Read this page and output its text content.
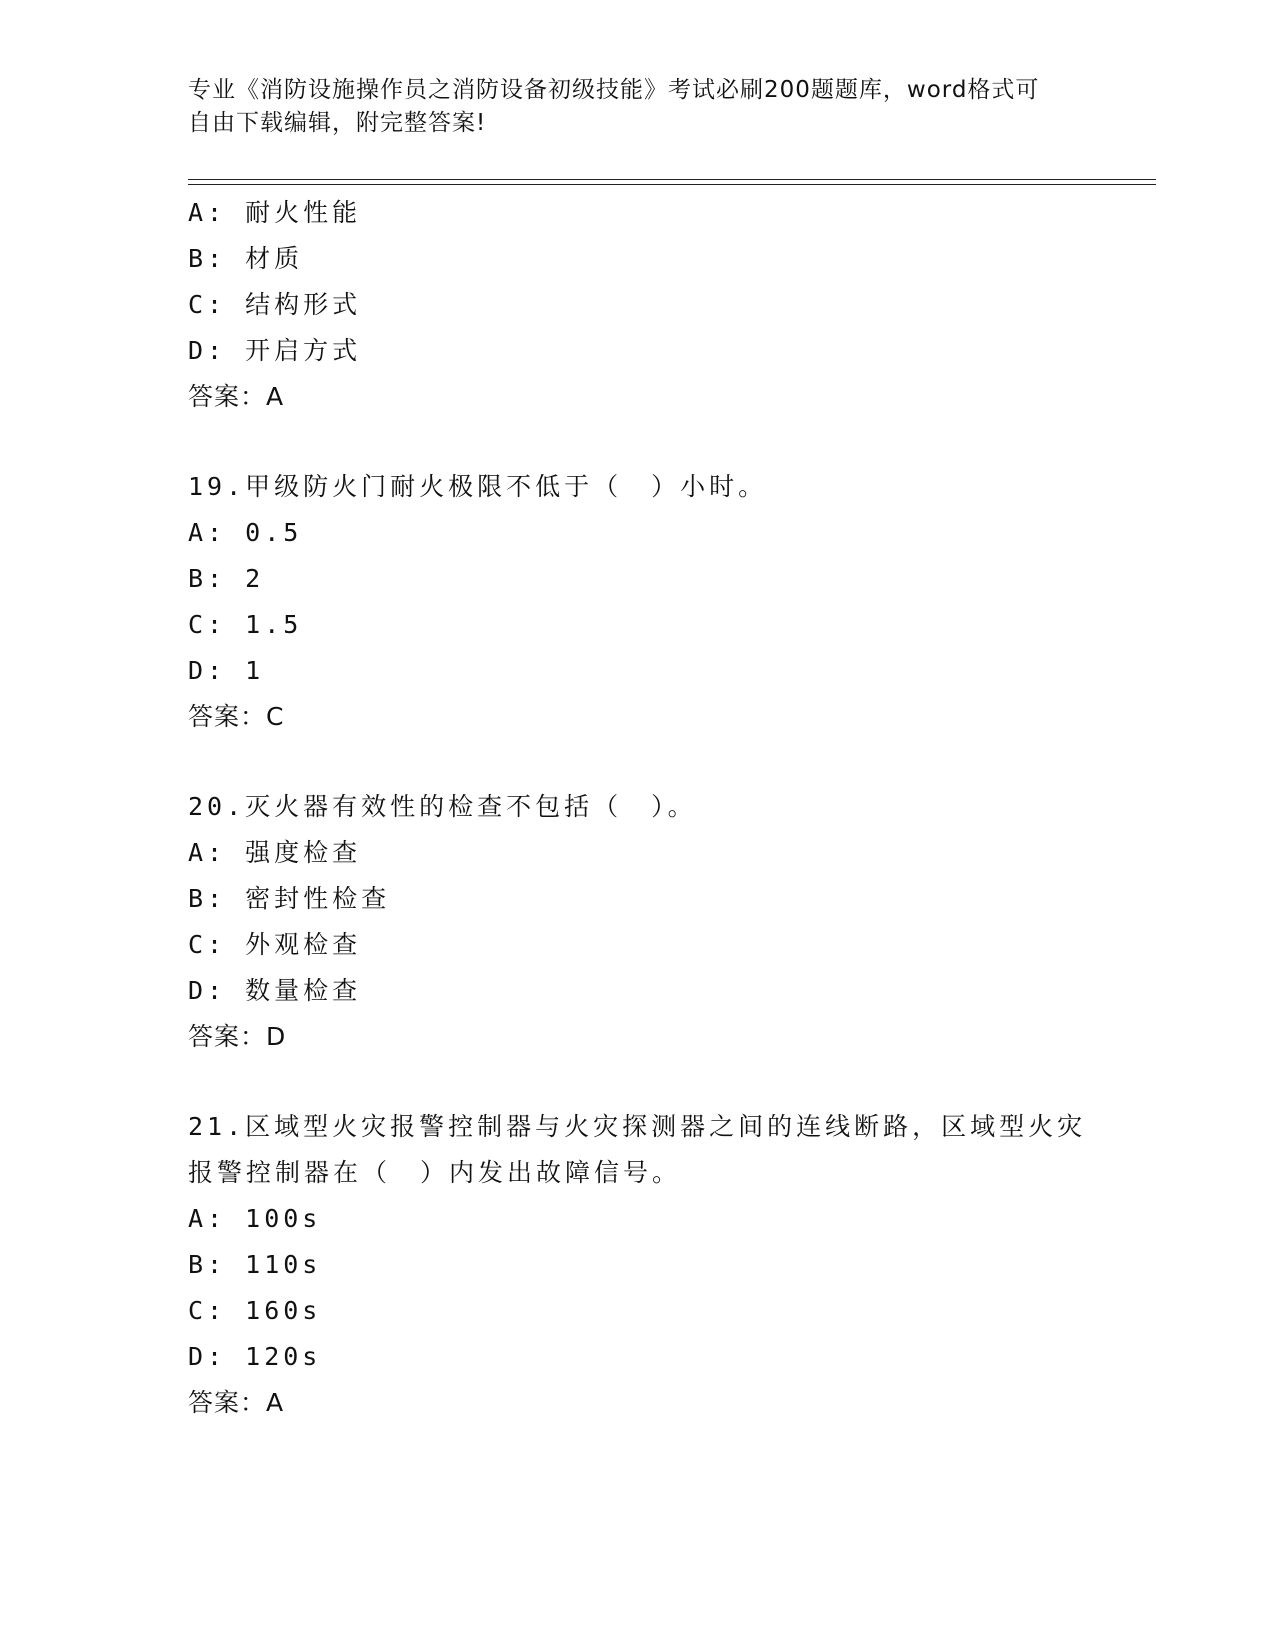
专业《消防设施操作员之消防设备初级技能》考试必刷200题题库，word格式可
自由下载编辑，附完整答案!
A: 耐火性能
B: 材质
C: 结构形式
D: 开启方式
答案：A
19.甲级防火门耐火极限不低于（　）小时。
A: 0.5
B: 2
C: 1.5
D: 1
答案：C
20.灭火器有效性的检查不包括（　）。
A: 强度检查
B: 密封性检查
C: 外观检查
D: 数量检查
答案：D
21.区域型火灾报警控制器与火灾探测器之间的连线断路，区域型火灾
报警控制器在（　）内发出故障信号。
A: 100s
B: 110s
C: 160s
D: 120s
答案：A
